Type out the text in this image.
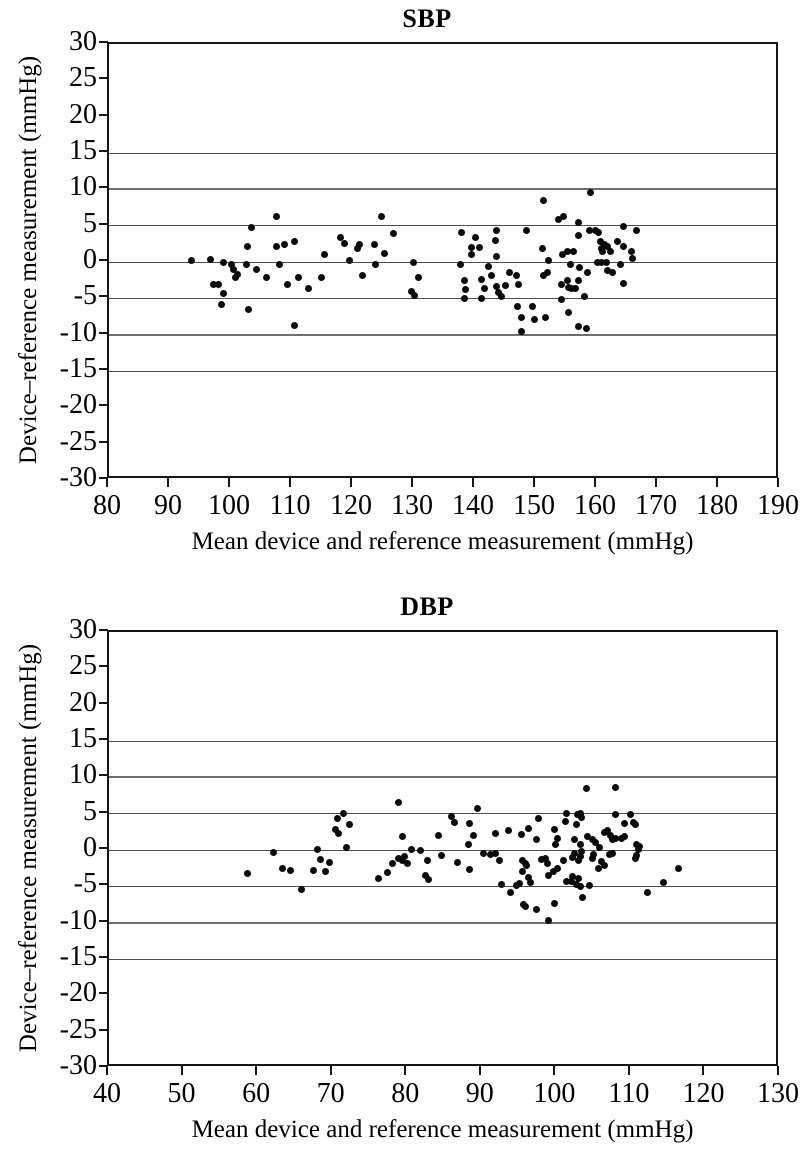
SBP
Device–reference measurement (mmHg)
Mean device and reference measurement (mmHg)
30
25
20
15
10
5
0
-5
-10
-15
-20
-25
-30
80	90 100 110 120 130 140 150 160 170 180 190
DBP
Device–reference measurement (mmHg)
Mean device and reference measurement (mmHg)
30
25
20
15
10
5
0
-5
-10
-15
-20
-25
-30
40	50	60	70	80	90	100	110	120	130
